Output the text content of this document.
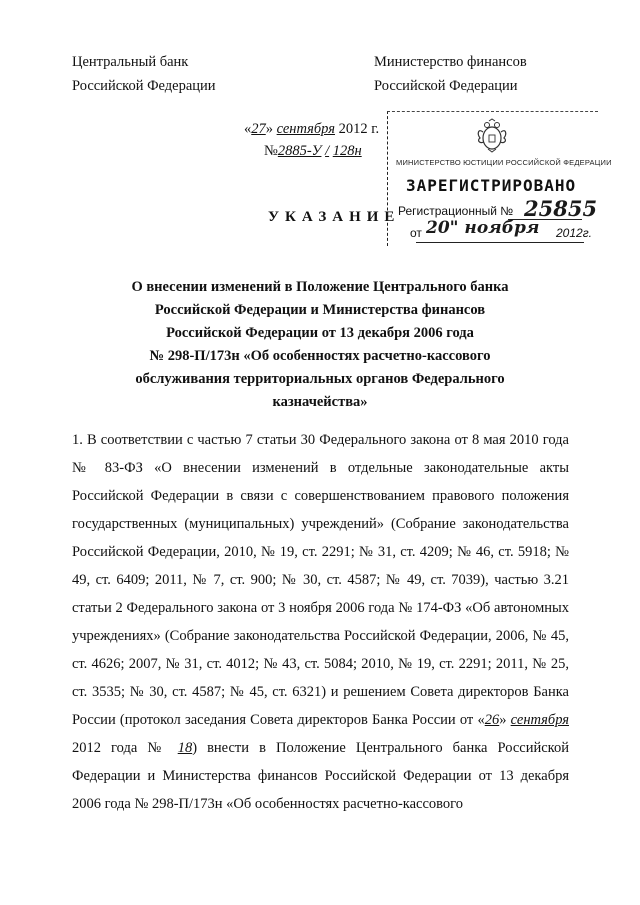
Центральный банк
Российской Федерации
Министерство финансов
Российской Федерации
«27» сентября 2012 г.
№2885-У / 128н
УКАЗАНИЕ
МИНИСТЕРСТВО ЮСТИЦИИ РОССИЙСКОЙ ФЕДЕРАЦИИ
ЗАРЕГИСТРИРОВАНО
Регистрационный № 25855
от 20" ноября 2012г.
О внесении изменений в Положение Центрального банка
Российской Федерации и Министерства финансов
Российской Федерации от 13 декабря 2006 года
№ 298-П/173н «Об особенностях расчетно-кассового
обслуживания территориальных органов Федерального
казначейства»
1. В соответствии с частью 7 статьи 30 Федерального закона от 8 мая 2010 года № 83-ФЗ «О внесении изменений в отдельные законодательные акты Российской Федерации в связи с совершенствованием правового положения государственных (муниципальных) учреждений» (Собрание законодательства Российской Федерации, 2010, № 19, ст. 2291; № 31, ст. 4209; № 46, ст. 5918; № 49, ст. 6409; 2011, № 7, ст. 900; № 30, ст. 4587; № 49, ст. 7039), частью 3.21 статьи 2 Федерального закона от 3 ноября 2006 года № 174-ФЗ «Об автономных учреждениях» (Собрание законодательства Российской Федерации, 2006, № 45, ст. 4626; 2007, № 31, ст. 4012; № 43, ст. 5084; 2010, № 19, ст. 2291; 2011, № 25, ст. 3535; № 30, ст. 4587; № 45, ст. 6321) и решением Совета директоров Банка России (протокол заседания Совета директоров Банка России от «26» сентября 2012 года № 18) внести в Положение Центрального банка Российской Федерации и Министерства финансов Российской Федерации от 13 декабря 2006 года № 298-П/173н «Об особенностях расчетно-кассового
